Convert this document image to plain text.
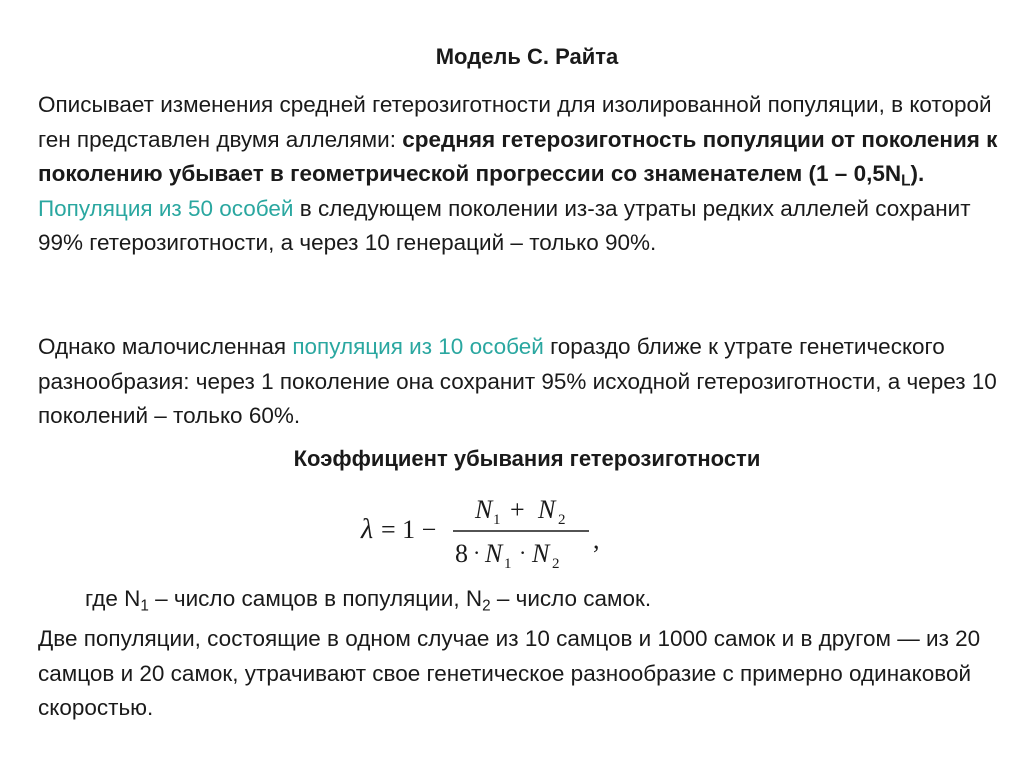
Модель С. Райта

Описывает изменения средней гетерозиготности для изолированной популяции, в которой ген представлен двумя аллелями: средняя гетерозиготность популяции от поколения к поколению убывает в геометрической прогрессии со знаменателем $(1 - 0,5N_L)$.

Популяция из 50 особей в следующем поколении из-за утраты редких аллелей сохранит 99% гетерозиготности, а через 10 генераций – только 90%.

Однако малочисленная популяция из 10 особей гораздо ближе к утрате генетического разнообразия: через 1 поколение она сохранит 95% исходной гетерозиготности, а через 10 поколений – только 60%.

Коэффициент убывания гетерозиготности
λ = 1 −
N 1 + N 2
8 · N 1 · N 2
,
где $N_1$ – число самцов в популяции, $N_2$ – число самок.

Две популяции, состоящие в одном случае из 10 самцов и 1000 самок и в другом — из 20 самцов и 20 самок, утрачивают свое генетическое разнообразие с примерно одинаковой скоростью.
